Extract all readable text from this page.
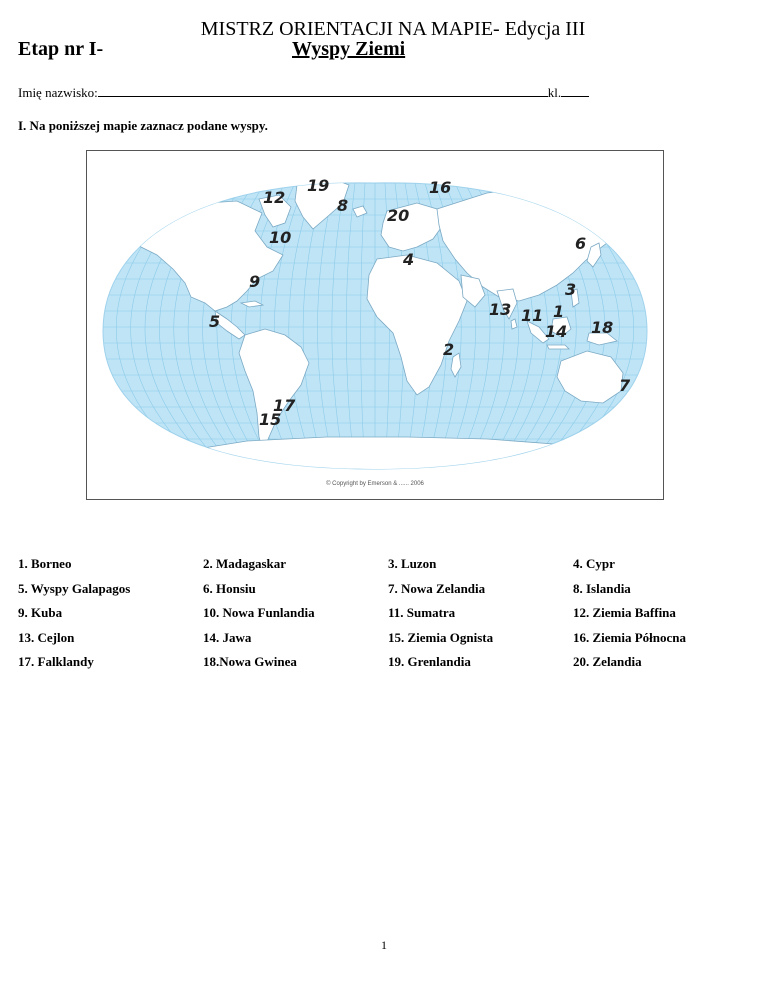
MISTRZ ORIENTACJI NA MAPIE- Edycja III
Etap nr I-	Wyspy Ziemi
Imię nazwisko:	kl.
I. Na poniższej mapie zaznacz podane wyspy.
12
19
8
16
20
10	6
4
9	3
13 11 1
5
14 18
2
7
17
15
© Copyright by Emerson & ...... 2006
1. Borneo	2. Madagaskar	3. Luzon	4. Cypr
5. Wyspy Galapagos	6. Honsiu	7. Nowa Zelandia	8. Islandia
9. Kuba	10. Nowa Funlandia	11. Sumatra	12. Ziemia Baffina
13. Cejlon	14. Jawa	15. Ziemia Ognista	16. Ziemia Północna
17. Falklandy	18.Nowa Gwinea	19. Grenlandia	20. Zelandia
1
